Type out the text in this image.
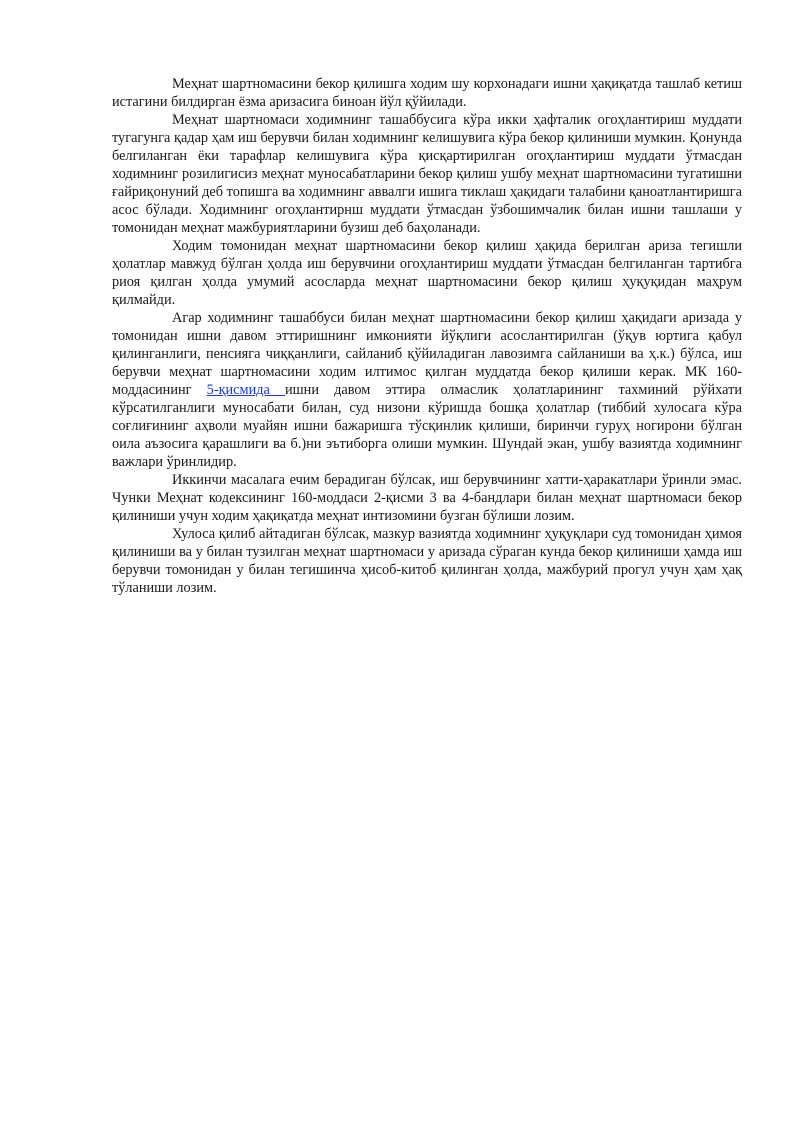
Меҳнат шартномасини бекор қилишга ходим шу корхонадаги ишни ҳақиқатда ташлаб кетиш истагини билдирган ёзма аризасига биноан йўл қўйилади.

Меҳнат шартномаси ходимнинг ташаббусига кўра икки ҳафталик огоҳлантириш муддати тугагунга қадар ҳам иш берувчи билан ходимнинг келишувига кўра бекор қилиниши мумкин. Қонунда белгиланган ёки тарафлар келишувига кўра қисқартирилган огоҳлантириш муддати ўтмасдан ходимнинг розилигисиз меҳнат муносабатларини бекор қилиш ушбу меҳнат шартномасини тугатишни ғайриқонуний деб топишга ва ходимнинг аввалги ишига тиклаш ҳақидаги талабини қаноатлантиришга асос бўлади. Ходимнинг огоҳлантирнш муддати ўтмасдан ўзбошимчалик билан ишни ташлаши у томонидан меҳнат мажбуриятларини бузиш деб баҳоланади.

Ходим томонидан меҳнат шартномасини бекор қилиш ҳақида берилган ариза тегишли ҳолатлар мавжуд бўлган ҳолда иш берувчини огоҳлантириш муддати ўтмасдан белгиланган тартибга риоя қилган ҳолда умумий асосларда меҳнат шартномасини бекор қилиш ҳуқуқидан маҳрум қилмайди.

Агар ходимнинг ташаббуси билан меҳнат шартномасини бекор қилиш ҳақидаги аризада у томонидан ишни давом эттиришнинг имконияти йўқлиги асослантирилган (ўқув юртига қабул қилинганлиги, пенсияга чиққанлиги, сайланиб қўйиладиган лавозимга сайланиши ва ҳ.к.) бўлса, иш берувчи меҳнат шартномасини ходим илтимос қилган муддатда бекор қилиши керак. МК 160-моддасининг 5-қисмида ишни давом эттира олмаслик ҳолатларининг тахминий рўйхати кўрсатилганлиги муносабати билан, суд низони кўришда бошқа ҳолатлар (тиббий хулосага кўра соғлиғининг аҳволи муайян ишни бажаришга тўсқинлик қилиши, биринчи гуруҳ ногирони бўлган оила аъзосига қарашлиги ва б.)ни эътиборга олиши мумкин. Шундай экан, ушбу вазиятда ходимнинг важлари ўринлидир.

Иккинчи масалага ечим берадиган бўлсак, иш берувчининг хатти-ҳаракатлари ўринли эмас. Чунки Меҳнат кодексининг 160-моддаси 2-қисми 3 ва 4-бандлари билан меҳнат шартномаси бекор қилиниши учун ходим ҳақиқатда меҳнат интизомини бузган бўлиши лозим.

Хулоса қилиб айтадиган бўлсак, мазкур вазиятда ходимнинг ҳуқуқлари суд томонидан ҳимоя қилиниши ва у билан тузилган меҳнат шартномаси у аризада сўраган кунда бекор қилиниши ҳамда иш берувчи томонидан у билан тегишинча ҳисоб-китоб қилинган ҳолда, мажбурий прогул учун ҳам ҳақ тўланиши лозим.
